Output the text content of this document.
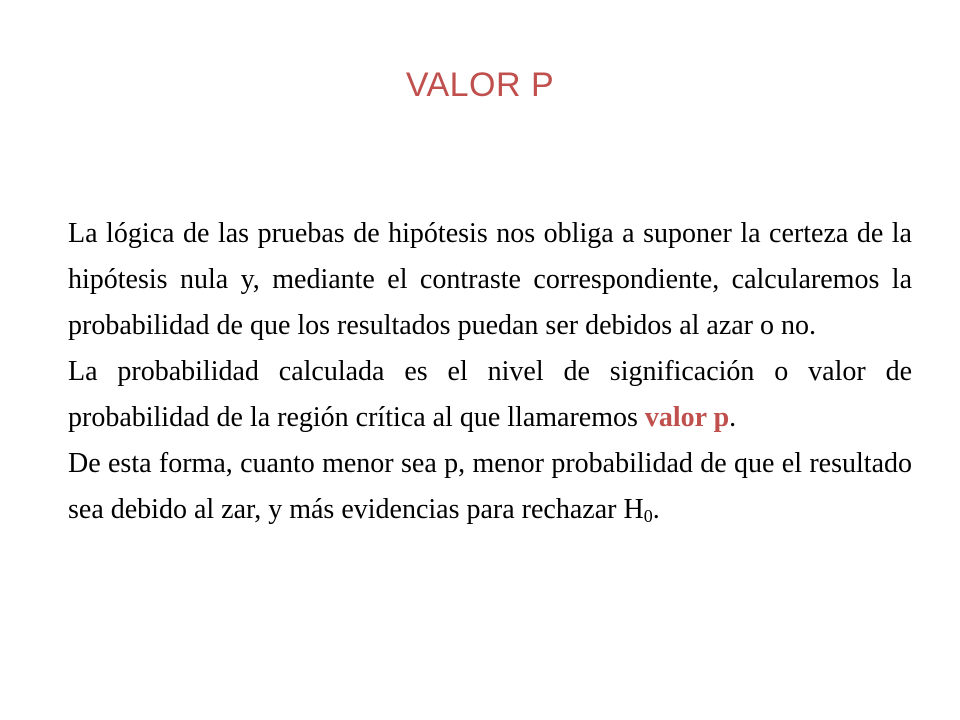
VALOR P

La lógica de las pruebas de hipótesis nos obliga a suponer la certeza de la hipótesis nula y, mediante el contraste correspondiente, calcularemos la probabilidad de que los resultados puedan ser debidos al azar o no.

La probabilidad calculada es el nivel de significación o valor de probabilidad de la región crítica al que llamaremos valor p.

De esta forma, cuanto menor sea p, menor probabilidad de que el resultado sea debido al zar, y más evidencias para rechazar $H_0$.
